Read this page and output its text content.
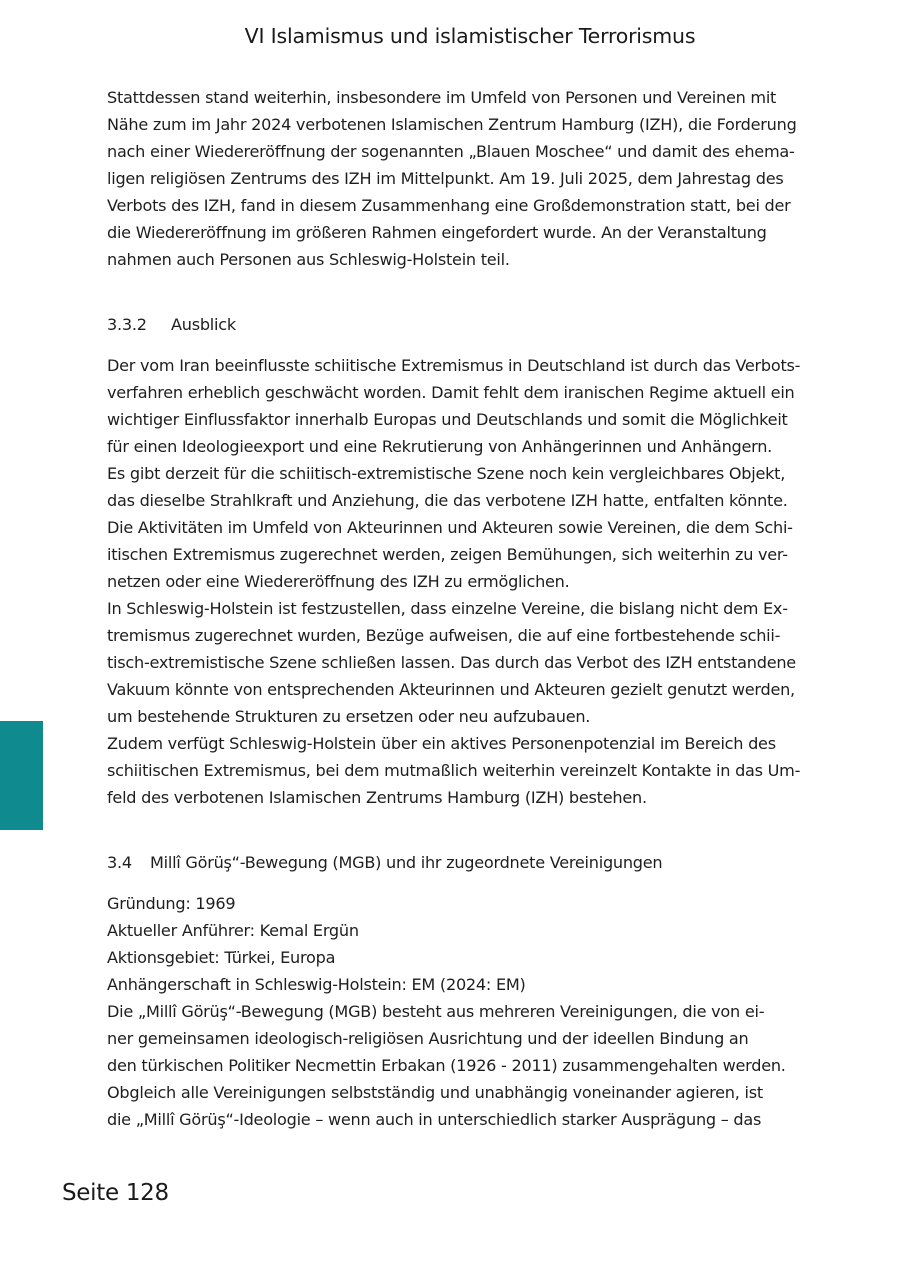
VI Islamismus und islamistischer Terrorismus

Stattdessen stand weiterhin, insbesondere im Umfeld von Personen und Vereinen mit
Nähe zum im Jahr 2024 verbotenen Islamischen Zentrum Hamburg (IZH), die Forderung
nach einer Wiedereröffnung der sogenannten „Blauen Moschee“ und damit des ehema-
ligen religiösen Zentrums des IZH im Mittelpunkt. Am 19. Juli 2025, dem Jahrestag des
Verbots des IZH, fand in diesem Zusammenhang eine Großdemonstration statt, bei der
die Wiedereröffnung im größeren Rahmen eingefordert wurde. An der Veranstaltung
nahmen auch Personen aus Schleswig-Holstein teil.

3.3.2 Ausblick

Der vom Iran beeinflusste schiitische Extremismus in Deutschland ist durch das Verbots-
verfahren erheblich geschwächt worden. Damit fehlt dem iranischen Regime aktuell ein
wichtiger Einflussfaktor innerhalb Europas und Deutschlands und somit die Möglichkeit
für einen Ideologieexport und eine Rekrutierung von Anhängerinnen und Anhängern.
Es gibt derzeit für die schiitisch-extremistische Szene noch kein vergleichbares Objekt,
das dieselbe Strahlkraft und Anziehung, die das verbotene IZH hatte, entfalten könnte.
Die Aktivitäten im Umfeld von Akteurinnen und Akteuren sowie Vereinen, die dem Schi-
itischen Extremismus zugerechnet werden, zeigen Bemühungen, sich weiterhin zu ver-
netzen oder eine Wiedereröffnung des IZH zu ermöglichen.

In Schleswig-Holstein ist festzustellen, dass einzelne Vereine, die bislang nicht dem Ex-
tremismus zugerechnet wurden, Bezüge aufweisen, die auf eine fortbestehende schii-
tisch-extremistische Szene schließen lassen. Das durch das Verbot des IZH entstandene
Vakuum könnte von entsprechenden Akteurinnen und Akteuren gezielt genutzt werden,
um bestehende Strukturen zu ersetzen oder neu aufzubauen.

Zudem verfügt Schleswig-Holstein über ein aktives Personenpotenzial im Bereich des
schiitischen Extremismus, bei dem mutmaßlich weiterhin vereinzelt Kontakte in das Um-
feld des verbotenen Islamischen Zentrums Hamburg (IZH) bestehen.

3.4 Millî Görüş“-Bewegung (MGB) und ihr zugeordnete Vereinigungen

Gründung: 1969
Aktueller Anführer: Kemal Ergün
Aktionsgebiet: Türkei, Europa
Anhängerschaft in Schleswig-Holstein: EM (2024: EM)

Die „Millî Görüş“-Bewegung (MGB) besteht aus mehreren Vereinigungen, die von ei-
ner gemeinsamen ideologisch-religiösen Ausrichtung und der ideellen Bindung an
den türkischen Politiker Necmettin Erbakan (1926 - 2011) zusammengehalten werden.
Obgleich alle Vereinigungen selbstständig und unabhängig voneinander agieren, ist
die „Millî Görüş“-Ideologie – wenn auch in unterschiedlich starker Ausprägung – das

Seite 128
